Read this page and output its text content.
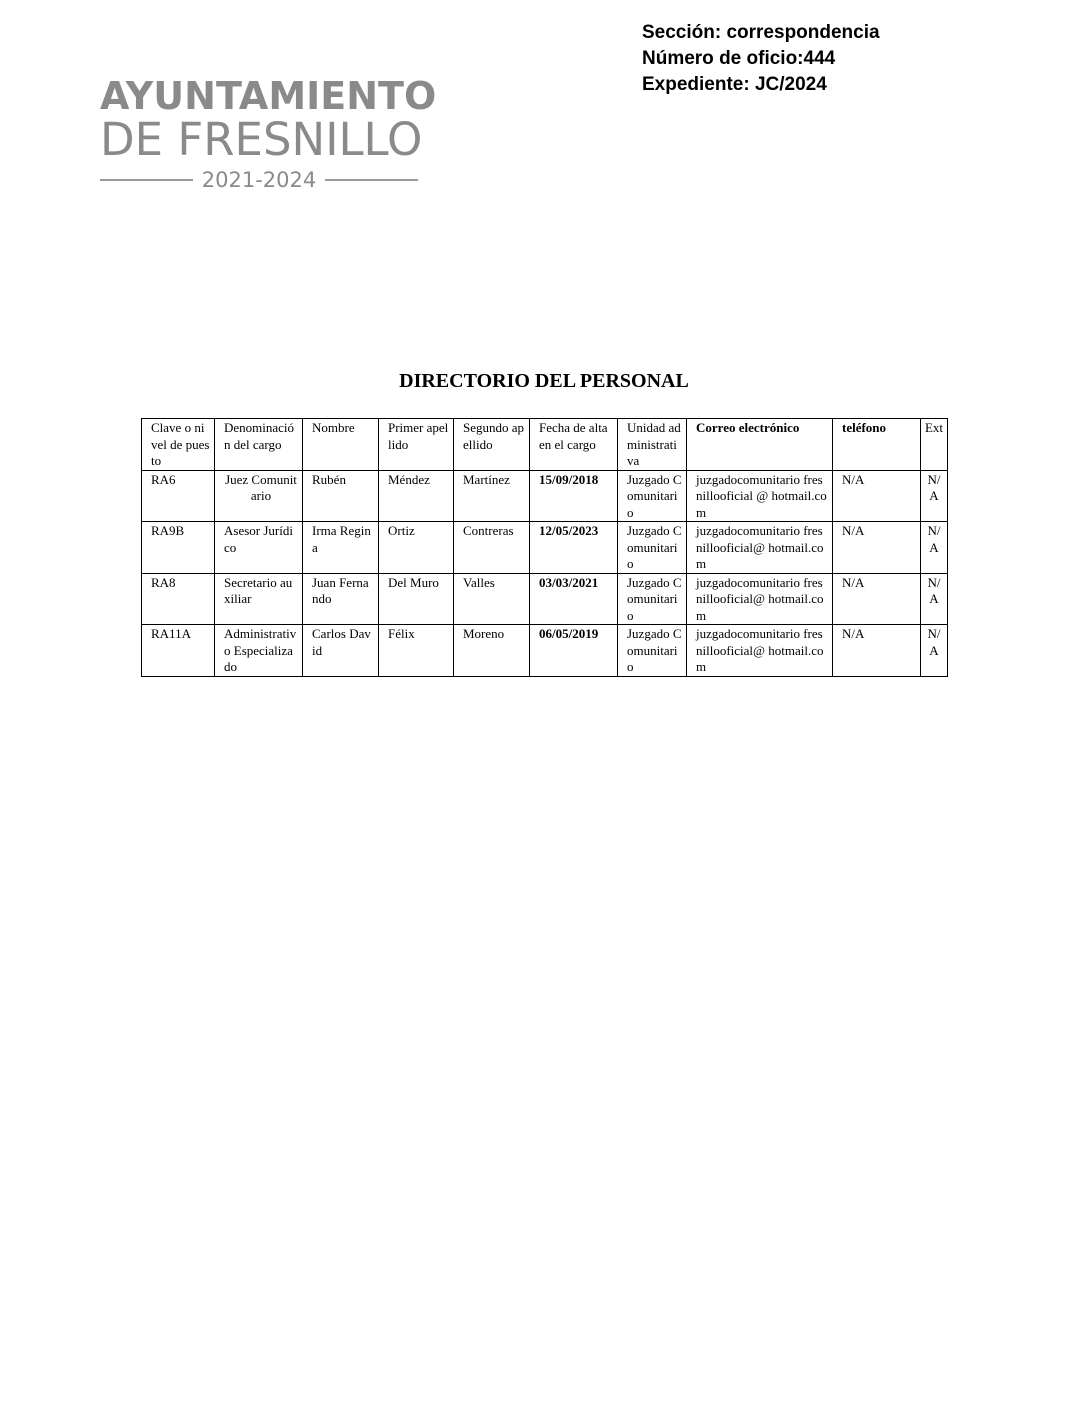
AYUNTAMIENTO
DE FRESNILLO
2021-2024
Sección: correspondencia
Número de oficio:444
Expediente: JC/2024
DIRECTORIO DEL PERSONAL
Clave o nivel de puesto	Denominación del cargo	Nombre	Primer apellido	Segundo apellido	Fecha de alta en el cargo	Unidad administrativa	Correo electrónico	teléfono	Ext
RA6	Juez Comunitario	Rubén	Méndez	Martínez	15/09/2018	Juzgado Comunitario	juzgadocomunitario fresnillooficial @ hotmail.com	N/A	N/A
RA9B	Asesor Jurídico	Irma Regina	Ortiz	Contreras	12/05/2023	Juzgado Comunitario	juzgadocomunitario fresnillooficial@ hotmail.com	N/A	N/A
RA8	Secretario auxiliar	Juan Fernando	Del Muro	Valles	03/03/2021	Juzgado Comunitario	juzgadocomunitario fresnillooficial@ hotmail.com	N/A	N/A
RA11A	Administrativo Especializado	Carlos David	Félix	Moreno	06/05/2019	Juzgado Comunitario	juzgadocomunitario fresnillooficial@ hotmail.com	N/A	N/A
